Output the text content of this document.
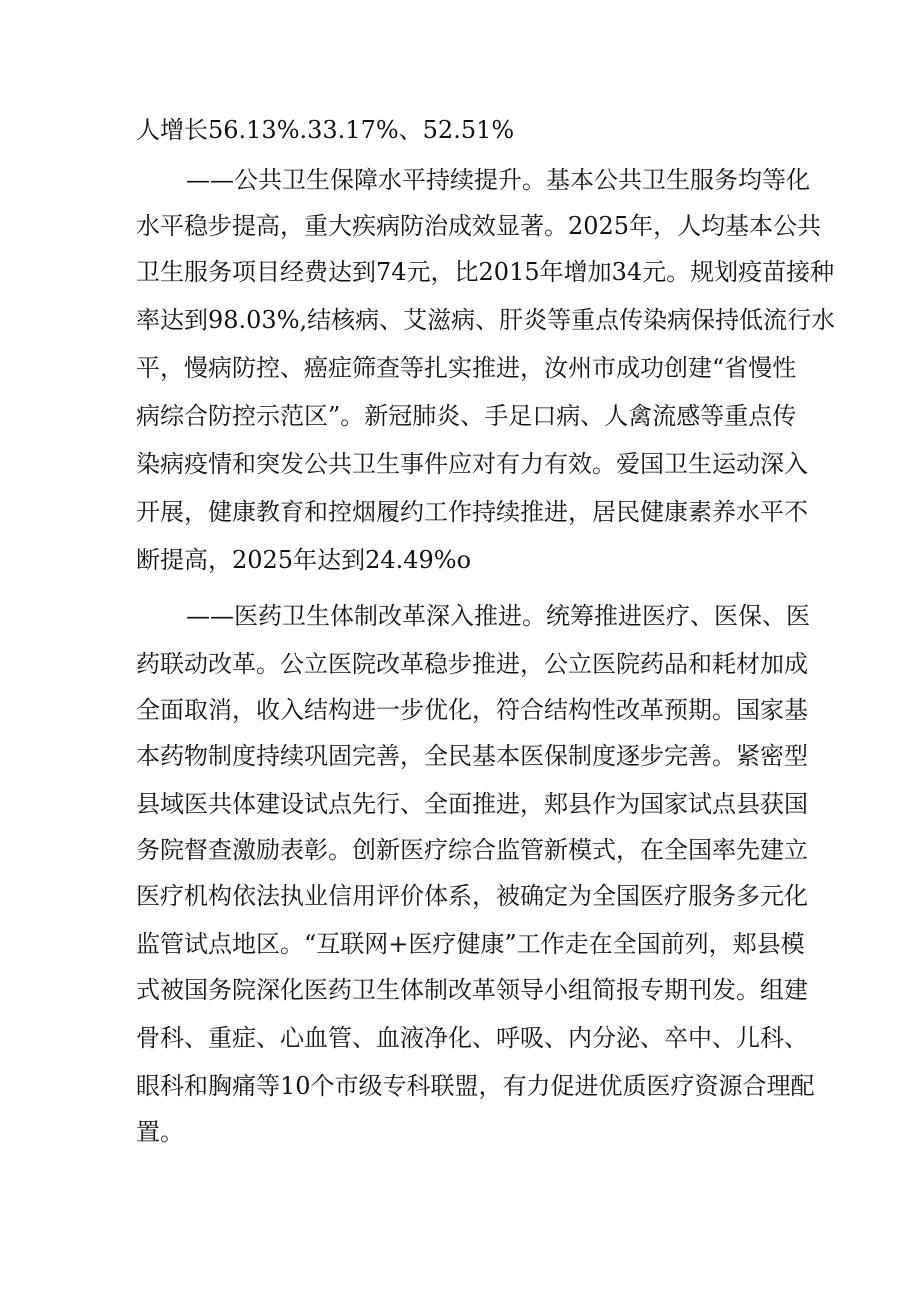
人增长56.13%.33.17%、52.51%
——公共卫生保障水平持续提升。基本公共卫生服务均等化
水平稳步提高，重大疾病防治成效显著。2025年，人均基本公共
卫生服务项目经费达到74元，比2015年增加34元。规划疫苗接种
率达到98.03%,结核病、艾滋病、肝炎等重点传染病保持低流行水
平，慢病防控、癌症筛查等扎实推进，汝州市成功创建“省慢性
病综合防控示范区”。新冠肺炎、手足口病、人禽流感等重点传
染病疫情和突发公共卫生事件应对有力有效。爱国卫生运动深入
开展，健康教育和控烟履约工作持续推进，居民健康素养水平不
断提高，2025年达到24.49%o
——医药卫生体制改革深入推进。统筹推进医疗、医保、医
药联动改革。公立医院改革稳步推进，公立医院药品和耗材加成
全面取消，收入结构进一步优化，符合结构性改革预期。国家基
本药物制度持续巩固完善，全民基本医保制度逐步完善。紧密型
县域医共体建设试点先行、全面推进，郏县作为国家试点县获国
务院督查激励表彰。创新医疗综合监管新模式，在全国率先建立
医疗机构依法执业信用评价体系，被确定为全国医疗服务多元化
监管试点地区。“互联网+医疗健康”工作走在全国前列，郏县模
式被国务院深化医药卫生体制改革领导小组简报专期刊发。组建
骨科、重症、心血管、血液净化、呼吸、内分泌、卒中、儿科、
眼科和胸痛等10个市级专科联盟，有力促进优质医疗资源合理配
置。
